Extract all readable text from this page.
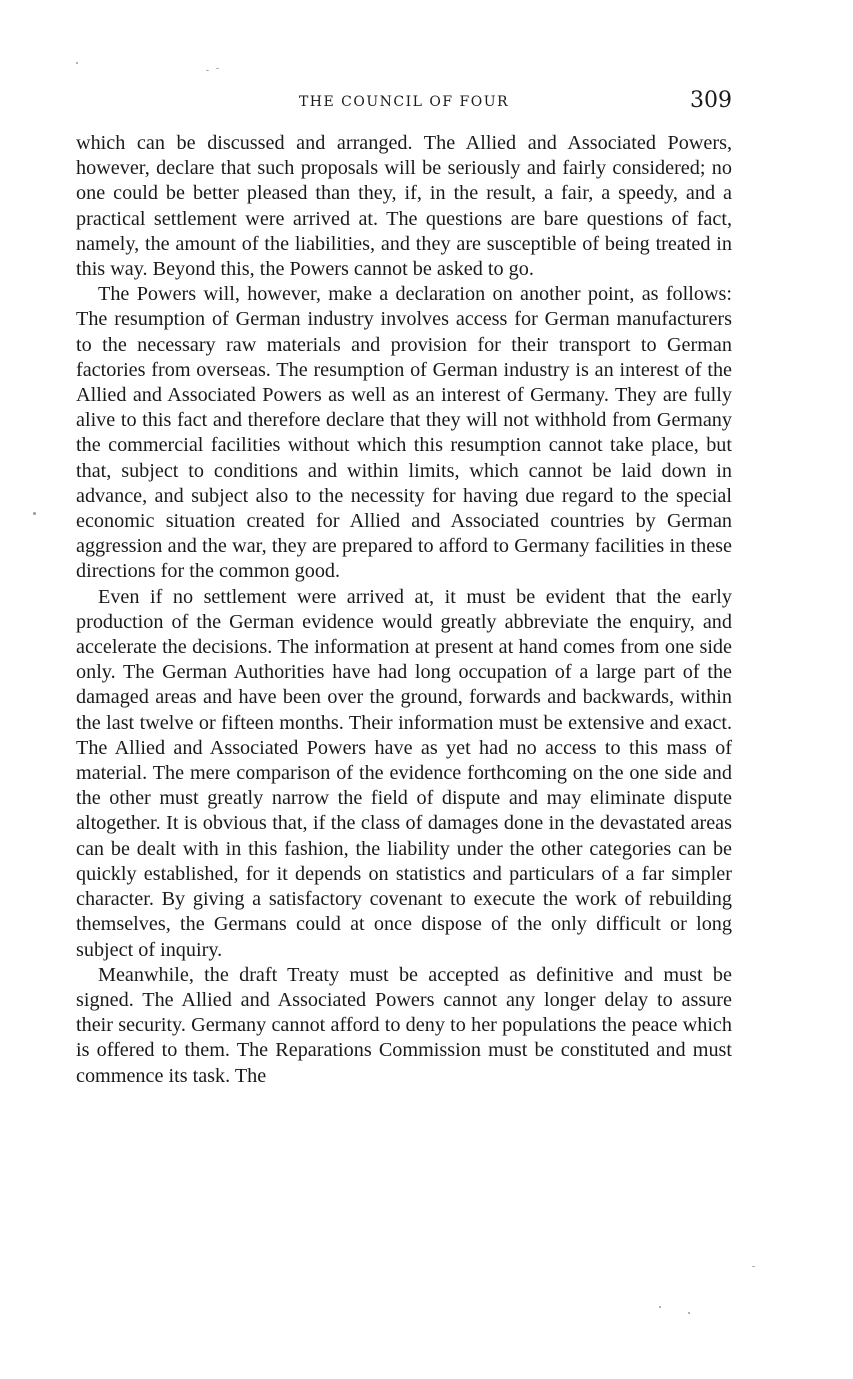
THE COUNCIL OF FOUR	309

which can be discussed and arranged. The Allied and Associated Powers, however, declare that such proposals will be seriously and fairly considered; no one could be better pleased than they, if, in the result, a fair, a speedy, and a practical settlement were arrived at. The questions are bare questions of fact, namely, the amount of the liabilities, and they are susceptible of being treated in this way. Beyond this, the Powers cannot be asked to go.

The Powers will, however, make a declaration on another point, as follows: The resumption of German industry involves access for German manufacturers to the necessary raw materials and provision for their transport to German factories from overseas. The resumption of German industry is an interest of the Allied and Associated Powers as well as an interest of Germany. They are fully alive to this fact and therefore declare that they will not withhold from Germany the commercial facilities without which this resumption cannot take place, but that, subject to conditions and within limits, which cannot be laid down in advance, and subject also to the necessity for having due regard to the special economic situation created for Allied and Associated countries by German aggression and the war, they are prepared to afford to Germany facilities in these directions for the common good.

Even if no settlement were arrived at, it must be evident that the early production of the German evidence would greatly abbreviate the enquiry, and accelerate the decisions. The information at present at hand comes from one side only. The German Authorities have had long occupation of a large part of the damaged areas and have been over the ground, forwards and backwards, within the last twelve or fifteen months. Their information must be extensive and exact. The Allied and Associated Powers have as yet had no access to this mass of material. The mere comparison of the evidence forthcoming on the one side and the other must greatly narrow the field of dispute and may eliminate dispute altogether. It is obvious that, if the class of damages done in the devastated areas can be dealt with in this fashion, the liability under the other categories can be quickly established, for it depends on statistics and particulars of a far simpler character. By giving a satisfactory covenant to execute the work of rebuilding themselves, the Germans could at once dispose of the only difficult or long subject of inquiry.

Meanwhile, the draft Treaty must be accepted as definitive and must be signed. The Allied and Associated Powers cannot any longer delay to assure their security. Germany cannot afford to deny to her populations the peace which is offered to them. The Reparations Commission must be constituted and must commence its task. The
